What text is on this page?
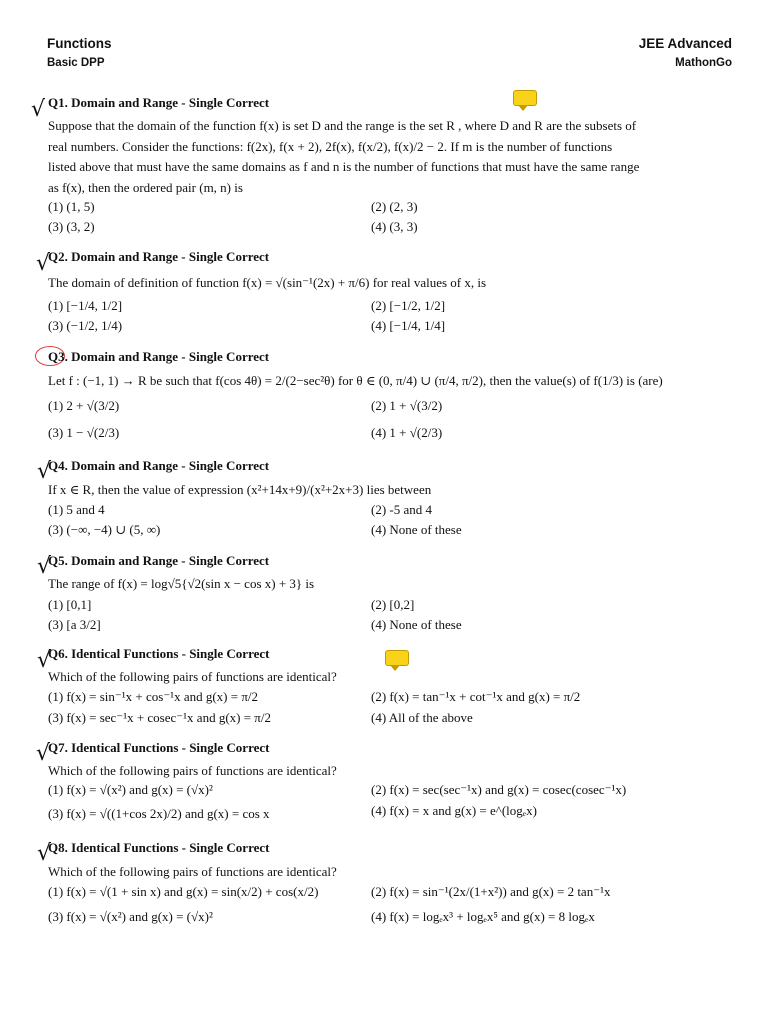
Functions
Basic DPP
JEE Advanced
MathonGo
√ Q1. Domain and Range - Single Correct
Suppose that the domain of the function f(x) is set D and the range is the set R , where D and R are the subsets of
real numbers. Consider the functions: f(2x), f(x + 2), 2f(x), f(x/2), f(x)/2 − 2. If m is the number of functions
listed above that must have the same domains as f and n is the number of functions that must have the same range
as f(x), then the ordered pair (m, n) is
(1) (1, 5)	(2) (2, 3)
(3) (3, 2)	(4) (3, 3)
√
Q2. Domain and Range - Single Correct
The domain of definition of function f(x) = √(sin⁻¹(2x) + π/6) for real values of x, is
(1) [−1/4, 1/2]	(2) [−1/2, 1/2]
(3) (−1/2, 1/4)	(4) [−1/4, 1/4]
Q3. Domain and Range - Single Correct
Let f : (−1, 1) → R be such that f(cos 4θ) = 2/(2−sec²θ) for θ ∈ (0, π/4) ∪ (π/4, π/2), then the value(s) of f(1/3) is (are)
(1) 2 + √(3/2)	(2) 1 + √(3/2)
(3) 1 − √(2/3)	(4) 1 + √(2/3)
√
Q4. Domain and Range - Single Correct
If x ∈ R, then the value of expression (x²+14x+9)/(x²+2x+3) lies between
(1) 5 and 4	(2) -5 and 4
(3) (−∞, −4) ∪ (5, ∞)	(4) None of these
√
Q5. Domain and Range - Single Correct
The range of f(x) = log√5{√2(sin x − cos x) + 3} is
(1) [0,1]	(2) [0,2]
(3) [a 3/2]	(4) None of these
√
Q6. Identical Functions - Single Correct
Which of the following pairs of functions are identical?
(1) f(x) = sin⁻¹x + cos⁻¹x and g(x) = π/2	(2) f(x) = tan⁻¹x + cot⁻¹x and g(x) = π/2
(3) f(x) = sec⁻¹x + cosec⁻¹x and g(x) = π/2	(4) All of the above
√
Q7. Identical Functions - Single Correct
Which of the following pairs of functions are identical?
(1) f(x) = √(x²) and g(x) = (√x)²	(2) f(x) = sec(sec⁻¹x) and g(x) = cosec(cosec⁻¹x)
(3) f(x) = √((1+cos 2x)/2) and g(x) = cos x	(4) f(x) = x and g(x) = e^(logₑx)
√
Q8. Identical Functions - Single Correct
Which of the following pairs of functions are identical?
(1) f(x) = √(1 + sin x) and g(x) = sin(x/2) + cos(x/2)	(2) f(x) = sin⁻¹(2x/(1+x²)) and g(x) = 2 tan⁻¹x
(3) f(x) = √(x²) and g(x) = (√x)²	(4) f(x) = logₑx³ + logₑx⁵ and g(x) = 8 logₑx
